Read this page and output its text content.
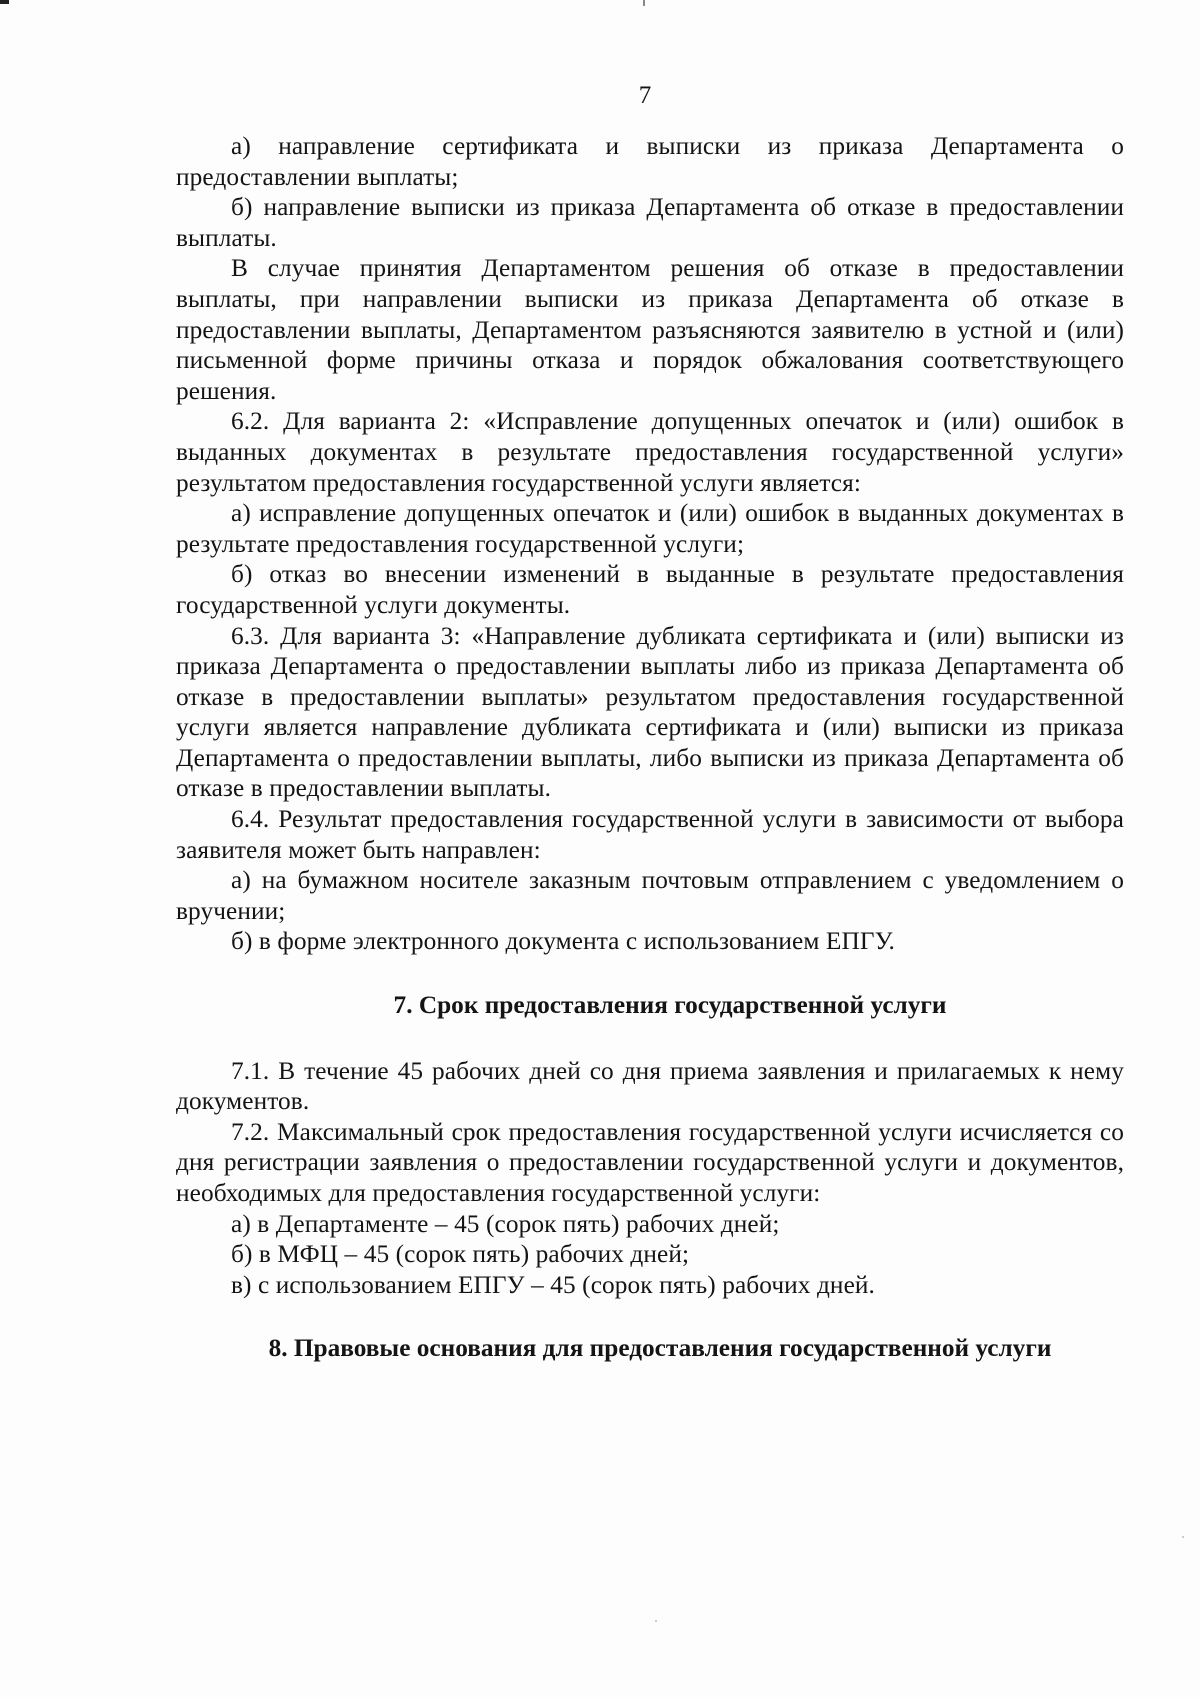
7

а) направление сертификата и выписки из приказа Департамента о предоставлении выплаты;

б) направление выписки из приказа Департамента об отказе в предоставлении выплаты.

В случае принятия Департаментом решения об отказе в предоставлении выплаты, при направлении выписки из приказа Департамента об отказе в предоставлении выплаты, Департаментом разъясняются заявителю в устной и (или) письменной форме причины отказа и порядок обжалования соответствующего решения.

6.2. Для варианта 2: «Исправление допущенных опечаток и (или) ошибок в выданных документах в результате предоставления государственной услуги» результатом предоставления государственной услуги является:

а) исправление допущенных опечаток и (или) ошибок в выданных документах в результате предоставления государственной услуги;

б) отказ во внесении изменений в выданные в результате предоставления государственной услуги документы.

6.3. Для варианта 3: «Направление дубликата сертификата и (или) выписки из приказа Департамента о предоставлении выплаты либо из приказа Департамента об отказе в предоставлении выплаты» результатом предоставления государственной услуги является направление дубликата сертификата и (или) выписки из приказа Департамента о предоставлении выплаты, либо выписки из приказа Департамента об отказе в предоставлении выплаты.

6.4. Результат предоставления государственной услуги в зависимости от выбора заявителя может быть направлен:

а) на бумажном носителе заказным почтовым отправлением с уведомлением о вручении;

б) в форме электронного документа с использованием ЕПГУ.

7. Срок предоставления государственной услуги

7.1. В течение 45 рабочих дней со дня приема заявления и прилагаемых к нему документов.

7.2. Максимальный срок предоставления государственной услуги исчисляется со дня регистрации заявления о предоставлении государственной услуги и документов, необходимых для предоставления государственной услуги:

а) в Департаменте – 45 (сорок пять) рабочих дней;

б) в МФЦ – 45 (сорок пять) рабочих дней;

в) с использованием ЕПГУ – 45 (сорок пять) рабочих дней.

8. Правовые основания для предоставления государственной услуги
